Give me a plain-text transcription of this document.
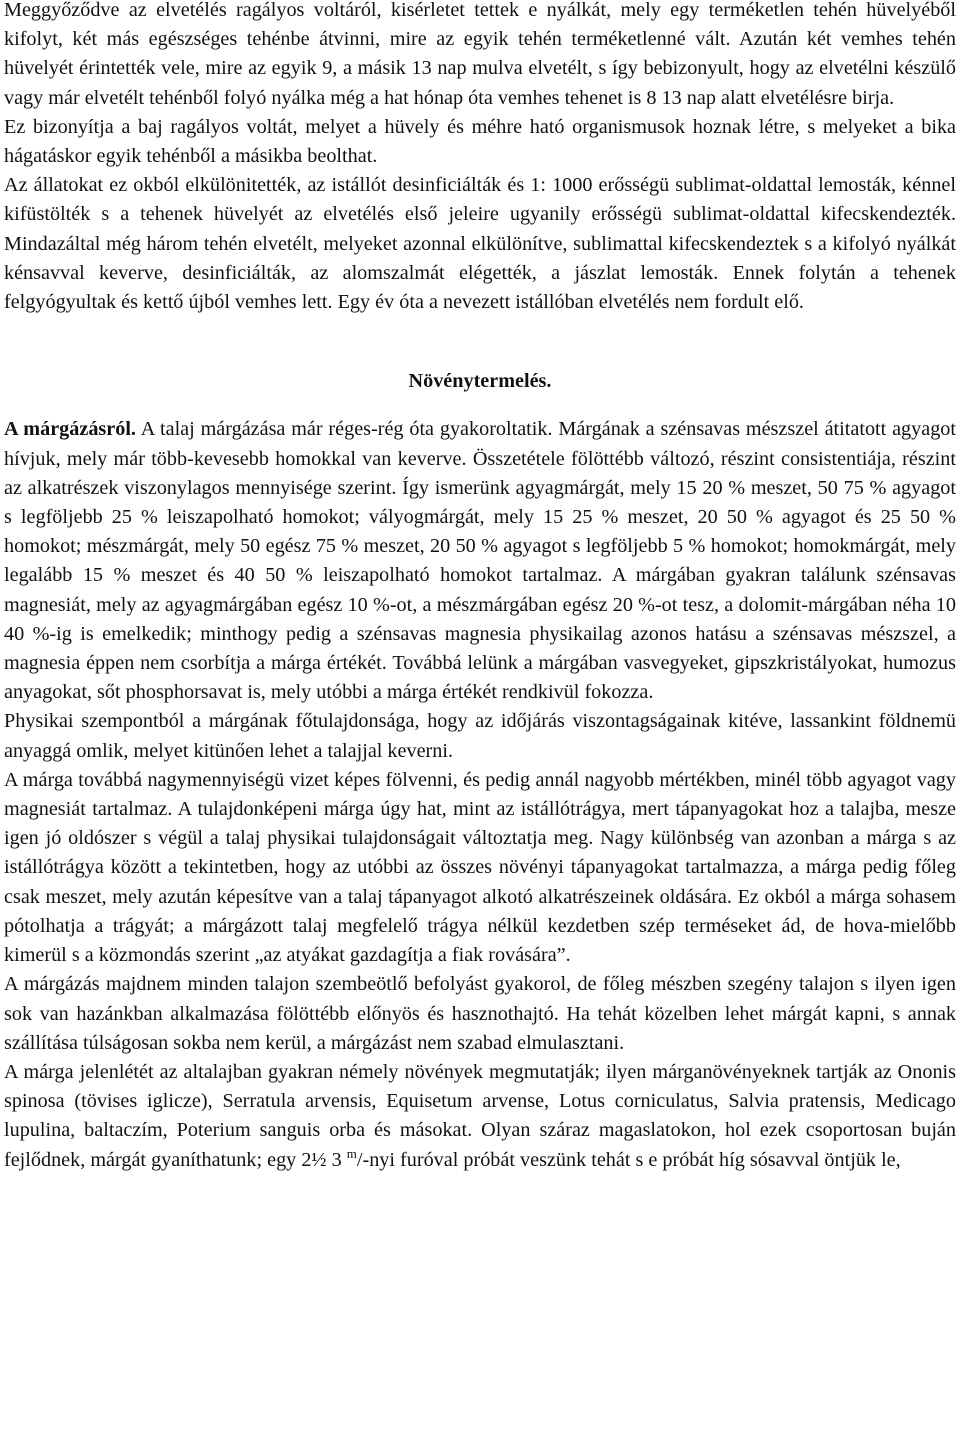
Meggyőződve az elvetélés ragályos voltáról, kisérletet tettek e nyálkát, mely egy terméketlen tehén hüvelyéből kifolyt, két más egészséges tehénbe átvinni, mire az egyik tehén terméketlenné vált. Azután két vemhes tehén hüvelyét érintették vele, mire az egyik 9, a másik 13 nap mulva elvetélt, s így bebizonyult, hogy az elvetélni készülő vagy már elvetélt tehénből folyó nyálka még a hat hónap óta vemhes tehenet is 8 13 nap alatt elvetélésre birja.

Ez bizonyítja a baj ragályos voltát, melyet a hüvely és méhre ható organismusok hoznak létre, s melyeket a bika hágatáskor egyik tehénből a másikba beolthat.

Az állatokat ez okból elkülönitették, az istállót desinficiálták és 1: 1000 erősségü sublimat-oldattal lemosták, kénnel kifüstölték s a tehenek hüvelyét az elvetélés első jeleire ugyanily erősségü sublimat-oldattal kifecskendezték. Mindazáltal még három tehén elvetélt, melyeket azonnal elkülönítve, sublimattal kifecskendeztek s a kifolyó nyálkát kénsavval keverve, desinficiálták, az alomszalmát elégették, a jászlat lemosták. Ennek folytán a tehenek felgyógyultak és kettő újból vemhes lett. Egy év óta a nevezett istállóban elvetélés nem fordult elő.

Növénytermelés.

A márgázásról. A talaj márgázása már réges-rég óta gyakoroltatik. Márgának a szénsavas mészszel átitatott agyagot hívjuk, mely már több-kevesebb homokkal van keverve. Összetétele fölöttébb változó, részint consistentiája, részint az alkatrészek viszonylagos mennyisége szerint. Így ismerünk agyagmárgát, mely 15 20 % meszet, 50 75 % agyagot s legföljebb 25 % leiszapolható homokot; vályogmárgát, mely 15 25 % meszet, 20 50 % agyagot és 25 50 % homokot; mészmárgát, mely 50 egész 75 % meszet, 20 50 % agyagot s legföljebb 5 % homokot; homokmárgát, mely legalább 15 % meszet és 40 50 % leiszapolható homokot tartalmaz. A márgában gyakran találunk szénsavas magnesiát, mely az agyagmárgában egész 10 %-ot, a mészmárgában egész 20 %-ot tesz, a dolomit-márgában néha 10 40 %-ig is emelkedik; minthogy pedig a szénsavas magnesia physikailag azonos hatásu a szénsavas mészszel, a magnesia éppen nem csorbítja a márga értékét. Továbbá lelünk a márgában vasvegyeket, gipszkristályokat, humozus anyagokat, sőt phosphorsavat is, mely utóbbi a márga értékét rendkivül fokozza.

Physikai szempontból a márgának főtulajdonsága, hogy az időjárás viszontagságainak kitéve, lassankint földnemü anyaggá omlik, melyet kitünően lehet a talajjal keverni.

A márga továbbá nagymennyiségü vizet képes fölvenni, és pedig annál nagyobb mértékben, minél több agyagot vagy magnesiát tartalmaz. A tulajdonképeni márga úgy hat, mint az istállótrágya, mert tápanyagokat hoz a talajba, mesze igen jó oldószer s végül a talaj physikai tulajdonságait változtatja meg. Nagy különbség van azonban a márga s az istállótrágya között a tekintetben, hogy az utóbbi az összes növényi tápanyagokat tartalmazza, a márga pedig főleg csak meszet, mely azután képesítve van a talaj tápanyagot alkotó alkatrészeinek oldására. Ez okból a márga sohasem pótolhatja a trágyát; a márgázott talaj megfelelő trágya nélkül kezdetben szép terméseket ád, de hova-mielőbb kimerül s a közmondás szerint „az atyákat gazdagítja a fiak rovására”.

A márgázás majdnem minden talajon szembeötlő befolyást gyakorol, de főleg mészben szegény talajon s ilyen igen sok van hazánkban alkalmazása fölöttébb előnyös és hasznothajtó. Ha tehát közelben lehet márgát kapni, s annak szállítása túlságosan sokba nem kerül, a márgázást nem szabad elmulasztani.

A márga jelenlétét az altalajban gyakran némely növények megmutatják; ilyen márganövényeknek tartják az Ononis spinosa (tövises iglicze), Serratula arvensis, Equisetum arvense, Lotus corniculatus, Salvia pratensis, Medicago lupulina, baltaczím, Poterium sanguis orba és másokat. Olyan száraz magaslatokon, hol ezek csoportosan buján fejlődnek, márgát gyaníthatunk; egy 2½ 3 $^m$/-nyi furóval próbát veszünk tehát s e próbát híg sósavval öntjük le,
